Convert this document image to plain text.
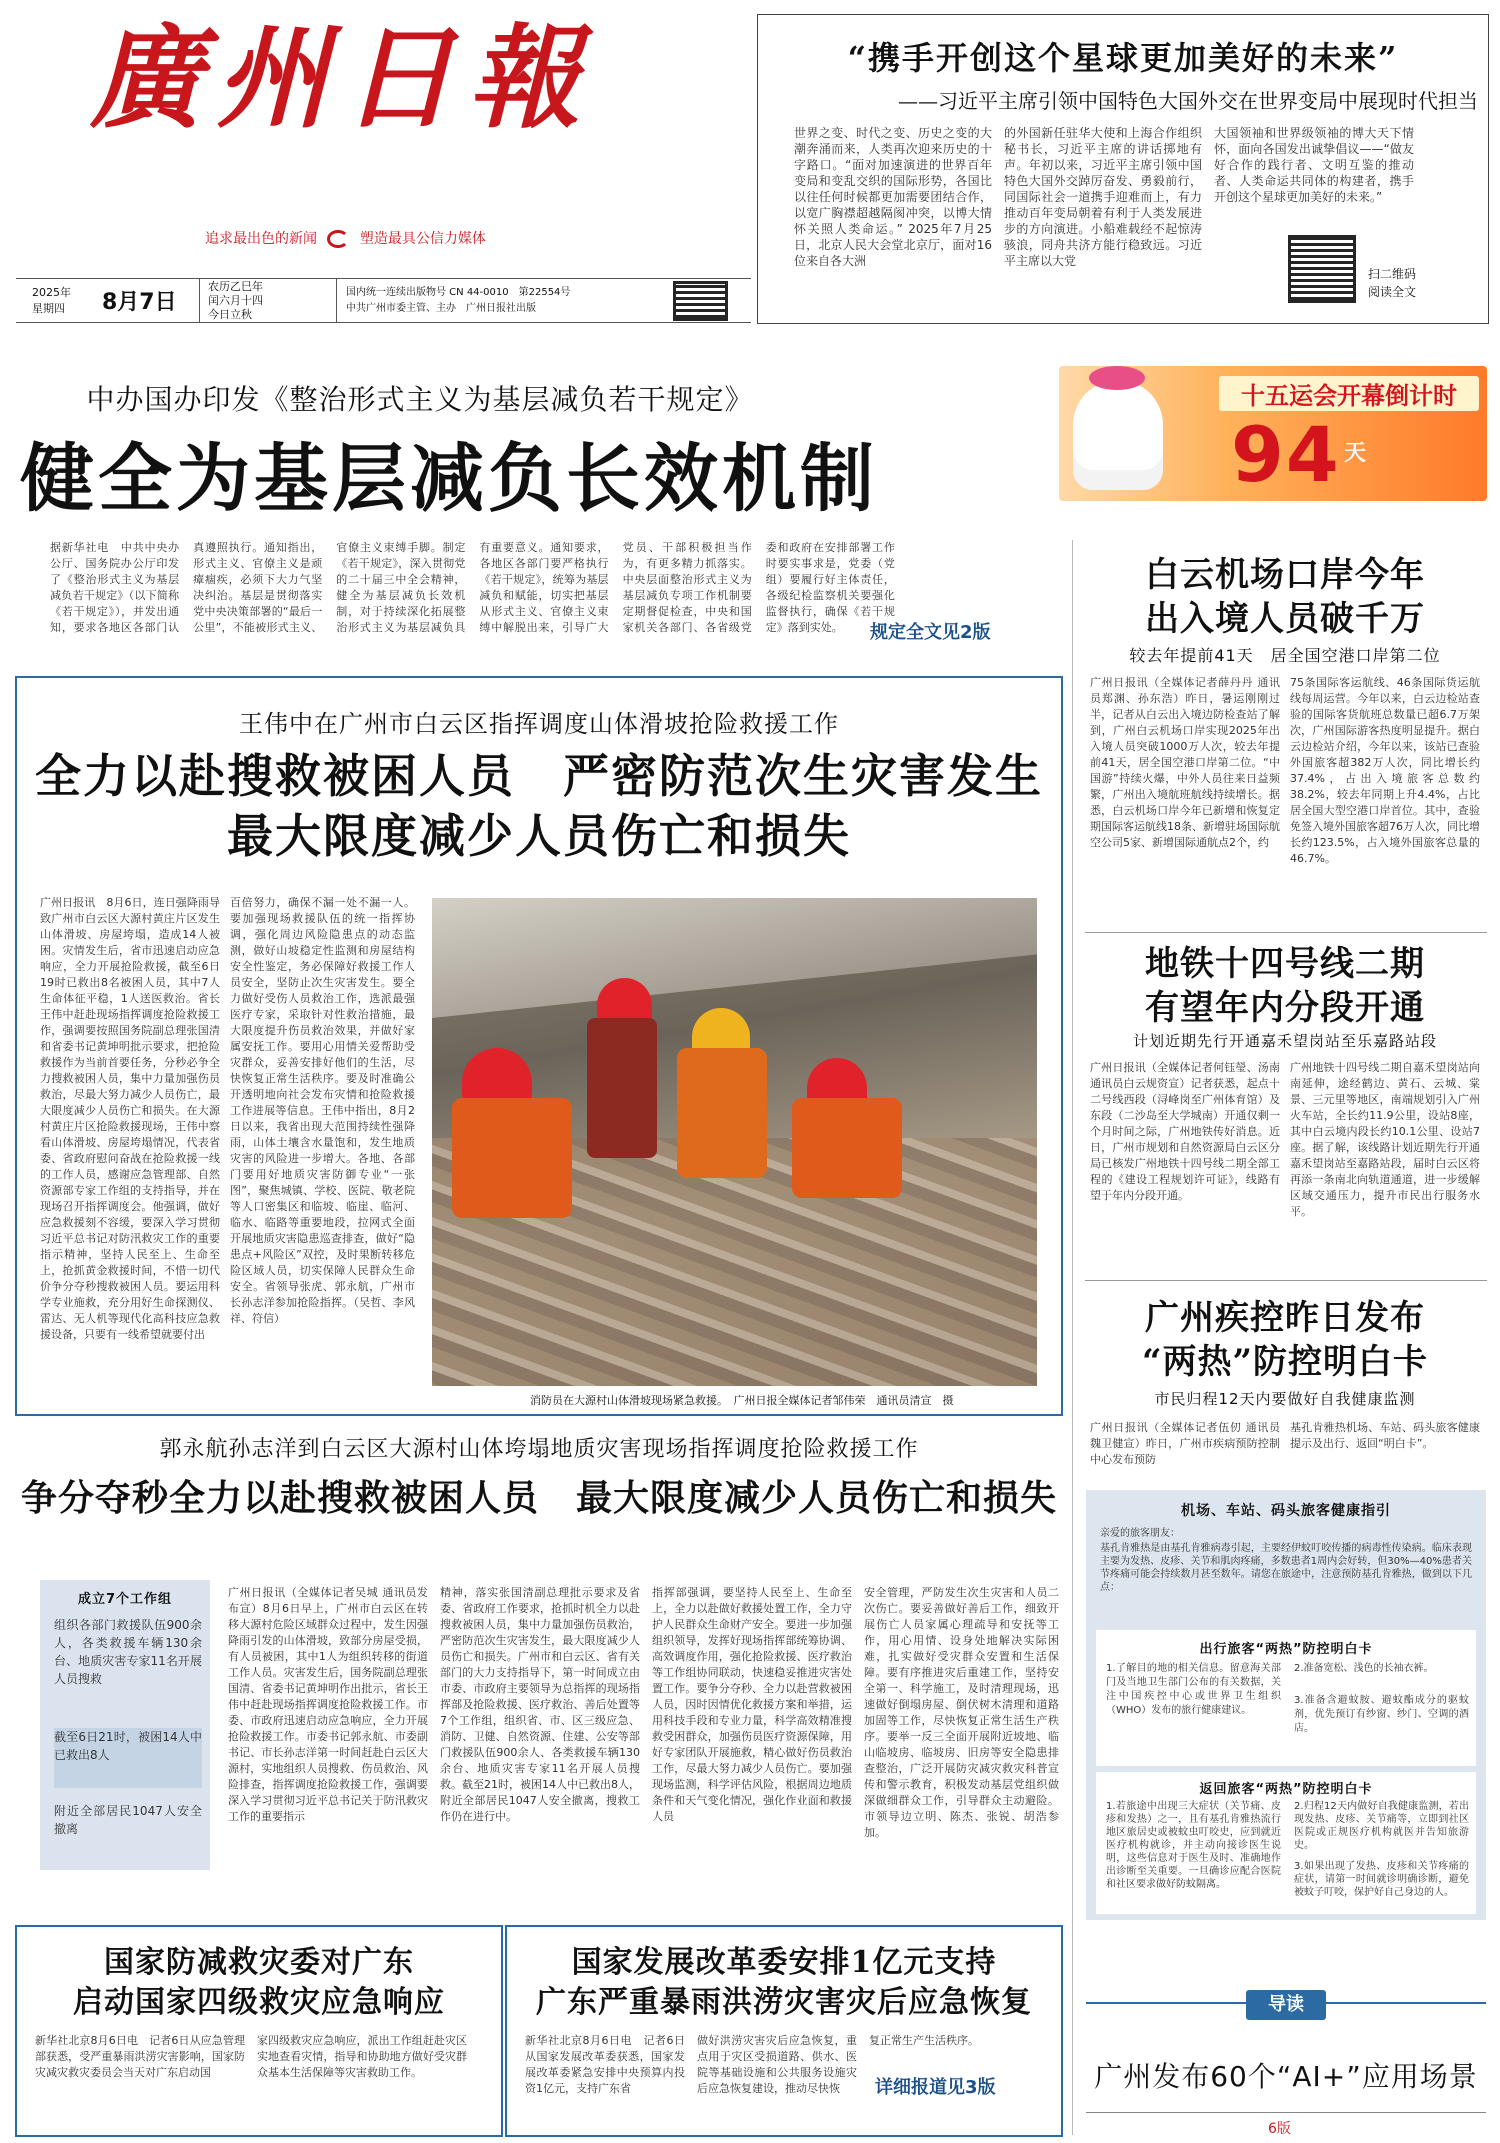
廣州日報
追求最出色的新闻	塑造最具公信力媒体
2025年
星期四 8月7日
农历乙巳年
闰六月十四
今日立秋
国内统一连续出版物号 CN 44-0010　第22554号
中共广州市委主管、主办　广州日报社出版
“携手开创这个星球更加美好的未来”
——习近平主席引领中国特色大国外交在世界变局中展现时代担当
世界之变、时代之变、历史之变的大潮奔涌而来，人类再次迎来历史的十字路口。“面对加速演进的世界百年变局和变乱交织的国际形势，各国比以往任何时候都更加需要团结合作，以宽广胸襟超越隔阂冲突，以博大情怀关照人类命运。” 2025年7月25日，北京人民大会堂北京厅，面对16位来自各大洲
的外国新任驻华大使和上海合作组织秘书长，习近平主席的讲话掷地有声。年初以来，习近平主席引领中国特色大国外交踔厉奋发、勇毅前行，同国际社会一道携手迎难而上，有力推动百年变局朝着有利于人类发展进步的方向演进。小船难载经不起惊涛骇浪，同舟共济方能行稳致远。习近平主席以大党
大国领袖和世界级领袖的博大天下情怀，面向各国发出诚挚倡议——“做友好合作的践行者、文明互鉴的推动者、人类命运共同体的构建者，携手开创这个星球更加美好的未来。”
扫二维码
阅读全文
中办国办印发《整治形式主义为基层减负若干规定》
健全为基层减负长效机制
据新华社电　中共中央办公厅、国务院办公厅印发了《整治形式主义为基层减负若干规定》（以下简称《若干规定》），并发出通知，要求各地区各部门认真遵照执行。通知指出，形式主义、官僚主义是顽瘴痼疾，必须下大力气坚决纠治。基层是贯彻落实党中央决策部署的“最后一公里”，不能被形式主义、官僚主义束缚手脚。制定《若干规定》，深入贯彻党的二十届三中全会精神，健全为基层减负长效机制，对于持续深化拓展整治形式主义为基层减负具有重要意义。通知要求，各地区各部门要严格执行《若干规定》，统筹为基层减负和赋能，切实把基层从形式主义、官僚主义束缚中解脱出来，引导广大党员、干部积极担当作为，有更多精力抓落实。中央层面整治形式主义为基层减负专项工作机制要定期督促检查，中央和国家机关各部门、各省级党委和政府在安排部署工作时要实事求是，党委（党组）要履行好主体责任，各级纪检监察机关要强化监督执行，确保《若干规定》落到实处。	规定全文见2版
十五运会开幕倒计时
94 天
白云机场口岸今年
出入境人员破千万
较去年提前41天　居全国空港口岸第二位
广州日报讯（全媒体记者薛丹丹 通讯员郑渊、孙东浩）昨日，暑运刚刚过半，记者从白云出入境边防检查站了解到，广州白云机场口岸实现2025年出入境人员突破1000万人次，较去年提前41天，居全国空港口岸第二位。“中国游”持续火爆，中外人员往来日益频繁，广州出入境航班航线持续增长。据悉，白云机场口岸今年已新增和恢复定期国际客运航线18条、新增驻场国际航空公司5家、新增国际通航点2个，约
75条国际客运航线、46条国际货运航线每周运营。今年以来，白云边检站查验的国际客货航班总数量已超6.7万架次，广州国际游客热度明显提升。据白云边检站介绍，今年以来，该站已查验外国旅客超382万人次，同比增长约37.4%，占出入境旅客总数约38.2%，较去年同期上升4.4%，占比居全国大型空港口岸首位。其中，查验免签入境外国旅客超76万人次，同比增长约123.5%，占入境外国旅客总量的46.7%。
地铁十四号线二期
有望年内分段开通
计划近期先行开通嘉禾望岗站至乐嘉路站段
广州日报讯（全媒体记者何钰瑩、汤南 通讯员白云规资宣）记者获悉，起点十二号线西段（浔峰岗至广州体育馆）及东段（二沙岛至大学城南）开通仅剩一个月时间之际，广州地铁传好消息。近日，广州市规划和自然资源局白云区分局已核发广州地铁十四号线二期全部工程的《建设工程规划许可证》，线路有望于年内分段开通。
广州地铁十四号线二期自嘉禾望岗站向南延伸，途经鹤边、黄石、云城、棠景、三元里等地区，南端规划引入广州火车站，全长约11.9公里，设站8座，其中白云境内段长约10.1公里、设站7座。据了解，该线路计划近期先行开通嘉禾望岗站至嘉路站段，届时白云区将再添一条南北向轨道通道，进一步缓解区域交通压力，提升市民出行服务水平。
广州疾控昨日发布
“两热”防控明白卡
市民归程12天内要做好自我健康监测
广州日报讯（全媒体记者伍仞 通讯员魏卫健宣）昨日，广州市疾病预防控制中心发布预防
基孔肯雅热机场、车站、码头旅客健康提示及出行、返回“明白卡”。
机场、车站、码头旅客健康指引
亲爱的旅客朋友：
基孔肯雅热是由基孔肯雅病毒引起，主要经伊蚊叮咬传播的病毒性传染病。临床表现主要为发热、皮疹、关节和肌肉疼痛，多数患者1周内会好转，但30%—40%患者关节疼痛可能会持续数月甚至数年。请您在旅途中，注意预防基孔肯雅热，做到以下几点：
出行旅客“两热”防控明白卡
1.了解目的地的相关信息。留意海关部门及当地卫生部门公布的有关数据，关注中国疾控中心或世界卫生组织（WHO）发布的旅行健康建议。
2.准备宽松、浅色的长袖衣裤。
3.准备含避蚊胺、避蚊酯成分的驱蚊剂，优先预订有纱窗、纱门、空调的酒店。
返回旅客“两热”防控明白卡
1.若旅途中出现三大症状（关节痛、皮疹和发热）之一，且有基孔肯雅热流行地区旅居史或被蚊虫叮咬史，应到就近医疗机构就诊，并主动向接诊医生说明，这些信息对于医生及时、准确地作出诊断至关重要。一旦确诊应配合医院和社区要求做好防蚊隔离。
2.归程12天内做好自我健康监测，若出现发热、皮疹、关节痛等，立即到社区医院或正规医疗机构就医并告知旅游史。
3.如果出现了发热、皮疹和关节疼痛的症状，请第一时间就诊明确诊断，避免被蚊子叮咬，保护好自己身边的人。
导读
广州发布60个“AI+”应用场景
6版
王伟中在广州市白云区指挥调度山体滑坡抢险救援工作
全力以赴搜救被困人员　严密防范次生灾害发生
最大限度减少人员伤亡和损失
广州日报讯　8月6日，连日强降雨导致广州市白云区大源村黄庄片区发生山体滑坡、房屋垮塌，造成14人被困。灾情发生后，省市迅速启动应急响应，全力开展抢险救援，截至6日19时已救出8名被困人员，其中7人生命体征平稳，1人送医救治。省长王伟中赶赴现场指挥调度抢险救援工作，强调要按照国务院副总理张国清和省委书记黄坤明批示要求，把抢险救援作为当前首要任务，分秒必争全力搜救被困人员，集中力量加强伤员救治，尽最大努力减少人员伤亡，最大限度减少人员伤亡和损失。在大源村黄庄片区抢险救援现场，王伟中察看山体滑坡、房屋垮塌情况，代表省委、省政府慰问奋战在抢险救援一线的工作人员，感谢应急管理部、自然资源部专家工作组的支持指导，并在现场召开指挥调度会。他强调，做好应急救援刻不容缓，要深入学习贯彻习近平总书记对防汛救灾工作的重要指示精神，坚持人民至上、生命至上，抢抓黄金救援时间，不惜一切代价争分夺秒搜救被困人员。要运用科学专业施救，充分用好生命探测仪、雷达、无人机等现代化高科技应急救援设备，只要有一线希望就要付出
百倍努力，确保不漏一处不漏一人。要加强现场救援队伍的统一指挥协调，强化周边风险隐患点的动态监测，做好山坡稳定性监测和房屋结构安全性鉴定，务必保障好救援工作人员安全，坚防止次生灾害发生。要全力做好受伤人员救治工作，选派最强医疗专家，采取针对性救治措施，最大限度提升伤员救治效果，并做好家属安抚工作。要用心用情关爱帮助受灾群众，妥善安排好他们的生活，尽快恢复正常生活秩序。要及时准确公开透明地向社会发布灾情和抢险救援工作进展等信息。王伟中指出，8月2日以来，我省出现大范围持续性强降雨，山体土壤含水量饱和，发生地质灾害的风险进一步增大。各地、各部门要用好地质灾害防御专业“一张图”，聚焦城镇、学校、医院、敬老院等人口密集区和临坡、临崖、临河、临水、临路等重要地段，拉网式全面开展地质灾害隐患巡查排查，做好“隐患点+风险区”双控，及时果断转移危险区域人员，切实保障人民群众生命安全。省领导张虎、郭永航，广州市长孙志洋参加抢险指挥。（吴哲、李风祥、符信）
消防员在大源村山体滑坡现场紧急救援。　广州日报全媒体记者邹伟荣　通讯员清宣　摄
郭永航孙志洋到白云区大源村山体垮塌地质灾害现场指挥调度抢险救援工作
争分夺秒全力以赴搜救被困人员　最大限度减少人员伤亡和损失
成立7个工作组
组织各部门救援队伍900余人，各类救援车辆130余台、地质灾害专家11名开展人员搜救
截至6日21时，被困14人中已救出8人
附近全部居民1047人安全撤离
广州日报讯（全媒体记者吴城 通讯员发布宣）8月6日早上，广州市白云区在转移大源村危险区域群众过程中，发生因强降雨引发的山体滑坡，致部分房屋受损，有人员被困，其中1人为组织转移的街道工作人员。灾害发生后，国务院副总理张国清、省委书记黄坤明作出批示，省长王伟中赶赴现场指挥调度抢险救援工作。市委、市政府迅速启动应急响应，全力开展抢险救援工作。市委书记郭永航、市委副书记、市长孙志洋第一时间赶赴白云区大源村，实地组织人员搜救、伤员救治、风险排查，指挥调度抢险救援工作，强调要深入学习贯彻习近平总书记关于防汛救灾工作的重要指示
精神，落实张国清副总理批示要求及省委、省政府工作要求，抢抓时机全力以赴搜救被困人员，集中力量加强伤员救治，严密防范次生灾害发生，最大限度减少人员伤亡和损失。广州市和白云区、省有关部门的大力支持指导下，第一时间成立由市委、市政府主要领导为总指挥的现场指挥部及抢险救援、医疗救治、善后处置等7个工作组，组织省、市、区三级应急、消防、卫健、自然资源、住建、公安等部门救援队伍900余人、各类救援车辆130余台、地质灾害专家11名开展人员搜救。截至21时，被困14人中已救出8人，附近全部居民1047人安全撤离，搜救工作仍在进行中。
指挥部强调，要坚持人民至上、生命至上，全力以赴做好救援处置工作，全力守护人民群众生命财产安全。要进一步加强组织领导，发挥好现场指挥部统筹协调、高效调度作用，强化抢险救援、医疗救治等工作组协同联动，快速稳妥推进灾害处置工作。要争分夺秒、全力以赴营救被困人员，因时因情优化救援方案和举措，运用科技手段和专业力量，科学高效精准搜救受困群众，加强伤员医疗资源保障，用好专家团队开展施救，精心做好伤员救治工作，尽最大努力减少人员伤亡。要加强现场监测，科学评估风险，根据周边地质条件和天气变化情况，强化作业面和救援人员
安全管理，严防发生次生灾害和人员二次伤亡。要妥善做好善后工作，细致开展伤亡人员家属心理疏导和安抚等工作，用心用情、设身处地解决实际困难，扎实做好受灾群众安置和生活保障。要有序推进灾后重建工作，坚持安全第一、科学施工，及时清理现场，迅速做好倒塌房屋、倒伏树木清理和道路加固等工作，尽快恢复正常生活生产秩序。要举一反三全面开展附近坡地、临山临坡房、临坡房、旧房等安全隐患排查整治，广泛开展防灾减灾救灾科普宣传和警示教育，积极发动基层党组织做深做细群众工作，引导群众主动避险。市领导边立明、陈杰、张锐、胡浩参加。
国家防减救灾委对广东
启动国家四级救灾应急响应
新华社北京8月6日电　记者6日从应急管理部获悉，受严重暴雨洪涝灾害影响，国家防灾减灾救灾委员会当天对广东启动国
家四级救灾应急响应，派出工作组赶赴灾区实地查看灾情，指导和协助地方做好受灾群众基本生活保障等灾害救助工作。
国家发展改革委安排1亿元支持
广东严重暴雨洪涝灾害灾后应急恢复
新华社北京8月6日电　记者6日从国家发展改革委获悉，国家发展改革委紧急安排中央预算内投资1亿元，支持广东省
做好洪涝灾害灾后应急恢复，重点用于灾区受损道路、供水、医院等基础设施和公共服务设施灾后应急恢复建设，推动尽快恢
复正常生产生活秩序。
详细报道见3版
